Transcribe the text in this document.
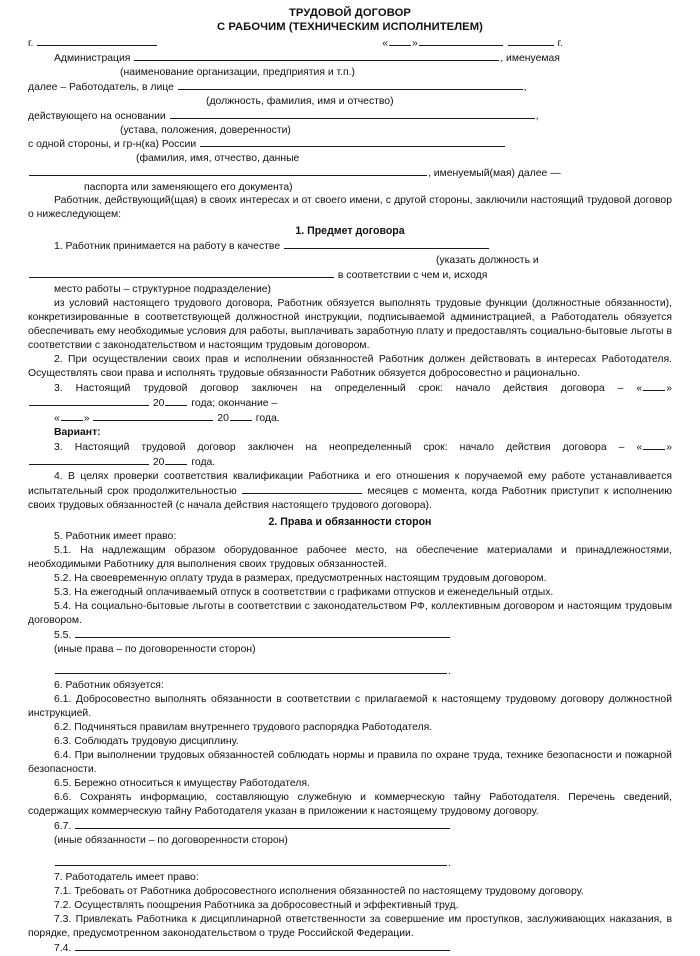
ТРУДОВОЙ ДОГОВОР
С РАБОЧИМ (ТЕХНИЧЕСКИМ ИСПОЛНИТЕЛЕМ)
г.	« »	г.
Администрация	, именуемая
(наименование организации, предприятия и т.п.)
далее – Работодатель, в лице	,
(должность, фамилия, имя и отчество)
действующего на основании	,
(устава, положения, доверенности)
с одной стороны, и гр-н(ка) России
(фамилия, имя, отчество, данные
, именуемый(мая) далее —
паспорта или заменяющего его документа)

Работник, действующий(щая) в своих интересах и от своего имени, с другой стороны, заключили настоящий трудовой договор о нижеследующем:

1. Предмет договора
1. Работник принимается на работу в качестве
(указать должность и
в соответствии с чем и, исходя
место работы – структурное подразделение)

из условий настоящего трудового договора, Работник обязуется выполнять трудовые функции (должностные обязанности), конкретизированные в соответствующей должностной инструкции, подписываемой администрацией, а Работодатель обязуется обеспечивать ему необходимые условия для работы, выплачивать заработную плату и предоставлять социально-бытовые льготы в соответствии с законодательством и настоящим трудовым договором.

2. При осуществлении своих прав и исполнении обязанностей Работник должен действовать в интересах Работодателя. Осуществлять свои права и исполнять трудовые обязанности Работник обязуется добросовестно и рационально.

3. Настоящий трудовой договор заключен на определенный срок: начало действия договора – « »

20	года; окончание –
« »	20	года.
Вариант:

3. Настоящий трудовой договор заключен на неопределенный срок: начало действия договора – « »

20	года.

4. В целях проверки соответствия квалификации Работника и его отношения к поручаемой ему работе устанавливается испытательный срок продолжительностью	месяцев с момента, когда Работник приступит к исполнению своих трудовых обязанностей (с начала действия настоящего трудового договора).

2. Права и обязанности сторон

5. Работник имеет право:

5.1. На надлежащим образом оборудованное рабочее место, на обеспечение материалами и принадлежностями, необходимыми Работнику для выполнения своих трудовых обязанностей.

5.2. На своевременную оплату труда в размерах, предусмотренных настоящим трудовым договором.

5.3. На ежегодный оплачиваемый отпуск в соответствии с графиками отпусков и еженедельный отдых.

5.4. На социально-бытовые льготы в соответствии с законодательством РФ, коллективным договором и настоящим трудовым договором.

5.5.
(иные права – по договоренности сторон)
.

6. Работник обязуется:

6.1. Добросовестно выполнять обязанности в соответствии с прилагаемой к настоящему трудовому договору должностной инструкцией.

6.2. Подчиняться правилам внутреннего трудового распорядка Работодателя.

6.3. Соблюдать трудовую дисциплину.

6.4. При выполнении трудовых обязанностей соблюдать нормы и правила по охране труда, технике безопасности и пожарной безопасности.

6.5. Бережно относиться к имуществу Работодателя.

6.6. Сохранять информацию, составляющую служебную и коммерческую тайну Работодателя. Перечень сведений, содержащих коммерческую тайну Работодателя указан в приложении к настоящему трудовому договору.

6.7.
(иные обязанности – по договоренности сторон)
.

7. Работодатель имеет право:

7.1. Требовать от Работника добросовестного исполнения обязанностей по настоящему трудовому договору.

7.2. Осуществлять поощрения Работника за добросовестный и эффективный труд.

7.3. Привлекать Работника к дисциплинарной ответственности за совершение им проступков, заслуживающих наказания, в порядке, предусмотренном законодательством о труде Российской Федерации.

7.4.
